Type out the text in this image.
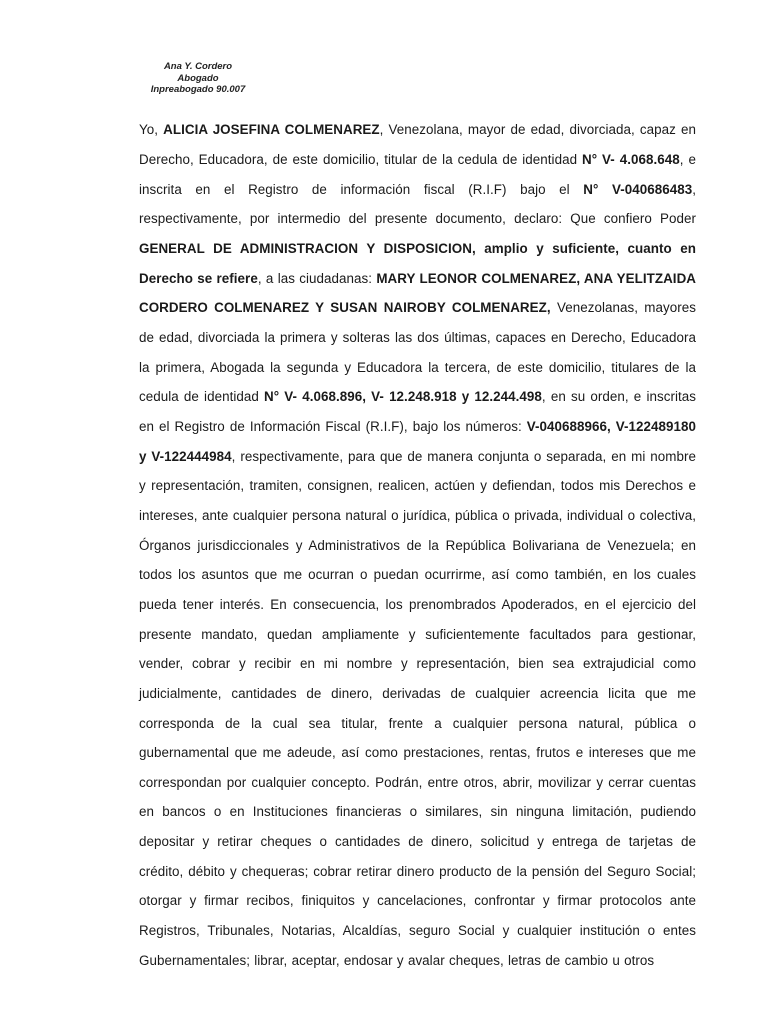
Ana Y. Cordero
Abogado
Inpreabogado 90.007

Yo, ALICIA JOSEFINA COLMENAREZ, Venezolana, mayor de edad, divorciada, capaz en Derecho, Educadora, de este domicilio, titular de la cedula de identidad N° V- 4.068.648, e inscrita en el Registro de información fiscal (R.I.F) bajo el N° V-040686483, respectivamente, por intermedio del presente documento, declaro: Que confiero Poder GENERAL DE ADMINISTRACION Y DISPOSICION, amplio y suficiente, cuanto en Derecho se refiere, a las ciudadanas: MARY LEONOR COLMENAREZ, ANA YELITZAIDA CORDERO COLMENAREZ Y SUSAN NAIROBY COLMENAREZ, Venezolanas, mayores de edad, divorciada la primera y solteras las dos últimas, capaces en Derecho, Educadora la primera, Abogada la segunda y Educadora la tercera, de este domicilio, titulares de la cedula de identidad N° V- 4.068.896, V- 12.248.918 y 12.244.498, en su orden, e inscritas en el Registro de Información Fiscal (R.I.F), bajo los números: V-040688966, V-122489180 y V-122444984, respectivamente, para que de manera conjunta o separada, en mi nombre y representación, tramiten, consignen, realicen, actúen y defiendan, todos mis Derechos e intereses, ante cualquier persona natural o jurídica, pública o privada, individual o colectiva, Órganos jurisdiccionales y Administrativos de la República Bolivariana de Venezuela; en todos los asuntos que me ocurran o puedan ocurrirme, así como también, en los cuales pueda tener interés. En consecuencia, los prenombrados Apoderados, en el ejercicio del presente mandato, quedan ampliamente y suficientemente facultados para gestionar, vender, cobrar y recibir en mi nombre y representación, bien sea extrajudicial como judicialmente, cantidades de dinero, derivadas de cualquier acreencia licita que me corresponda de la cual sea titular, frente a cualquier persona natural, pública o gubernamental que me adeude, así como prestaciones, rentas, frutos e intereses que me correspondan por cualquier concepto. Podrán, entre otros, abrir, movilizar y cerrar cuentas en bancos o en Instituciones financieras o similares, sin ninguna limitación, pudiendo depositar y retirar cheques o cantidades de dinero, solicitud y entrega de tarjetas de crédito, débito y chequeras; cobrar retirar dinero producto de la pensión del Seguro Social; otorgar y firmar recibos, finiquitos y cancelaciones, confrontar y firmar protocolos ante Registros, Tribunales, Notarias, Alcaldías, seguro Social y cualquier institución o entes Gubernamentales; librar, aceptar, endosar y avalar cheques, letras de cambio u otros
